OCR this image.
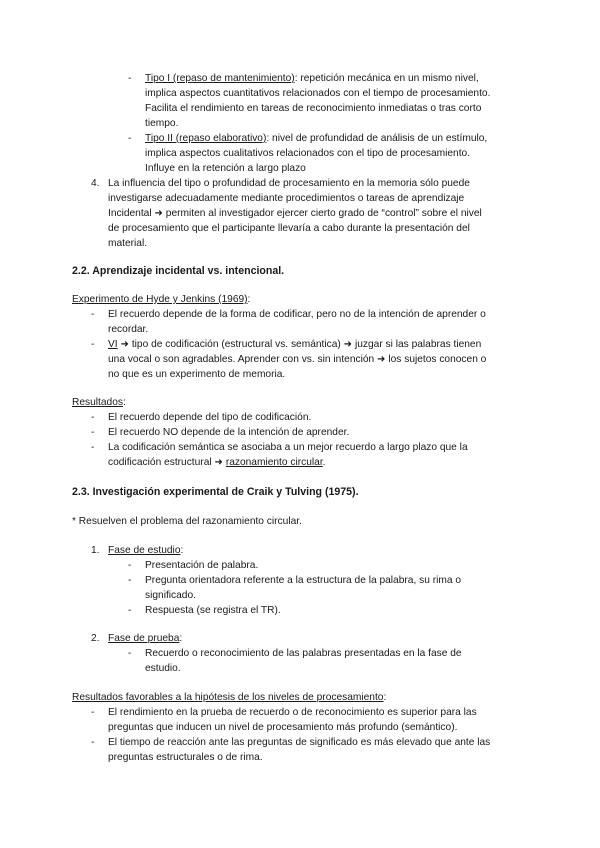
- Tipo I (repaso de mantenimiento): repetición mecánica en un mismo nivel,
implica aspectos cuantitativos relacionados con el tiempo de procesamiento.
Facilita el rendimiento en tareas de reconocimiento inmediatas o tras corto
tiempo.
- Tipo II (repaso elaborativo): nivel de profundidad de análisis de un estímulo,
implica aspectos cualitativos relacionados con el tipo de procesamiento.
Influye en la retención a largo plazo
4. La influencia del tipo o profundidad de procesamiento en la memoria sólo puede
investigarse adecuadamente mediante procedimientos o tareas de aprendizaje
Incidental ➜ permiten al investigador ejercer cierto grado de “control” sobre el nivel
de procesamiento que el participante llevaría a cabo durante la presentación del
material.
2.2. Aprendizaje incidental vs. intencional.
Experimento de Hyde y Jenkins (1969):
- El recuerdo depende de la forma de codificar, pero no de la intención de aprender o
recordar.
- VI ➜ tipo de codificación (estructural vs. semántica) ➜ juzgar si las palabras tienen
una vocal o son agradables. Aprender con vs. sin intención ➜ los sujetos conocen o
no que es un experimento de memoria.
Resultados:
- El recuerdo depende del tipo de codificación.
- El recuerdo NO depende de la intención de aprender.
- La codificación semántica se asociaba a un mejor recuerdo a largo plazo que la
codificación estructural ➜ razonamiento circular.
2.3. Investigación experimental de Craik y Tulving (1975).
* Resuelven el problema del razonamiento circular.
1. Fase de estudio:
- Presentación de palabra.
- Pregunta orientadora referente a la estructura de la palabra, su rima o
significado.
- Respuesta (se registra el TR).
2. Fase de prueba:
- Recuerdo o reconocimiento de las palabras presentadas en la fase de
estudio.
Resultados favorables a la hipótesis de los niveles de procesamiento:
- El rendimiento en la prueba de recuerdo o de reconocimiento es superior para las
preguntas que inducen un nivel de procesamiento más profundo (semántico).
- El tiempo de reacción ante las preguntas de significado es más elevado que ante las
preguntas estructurales o de rima.
